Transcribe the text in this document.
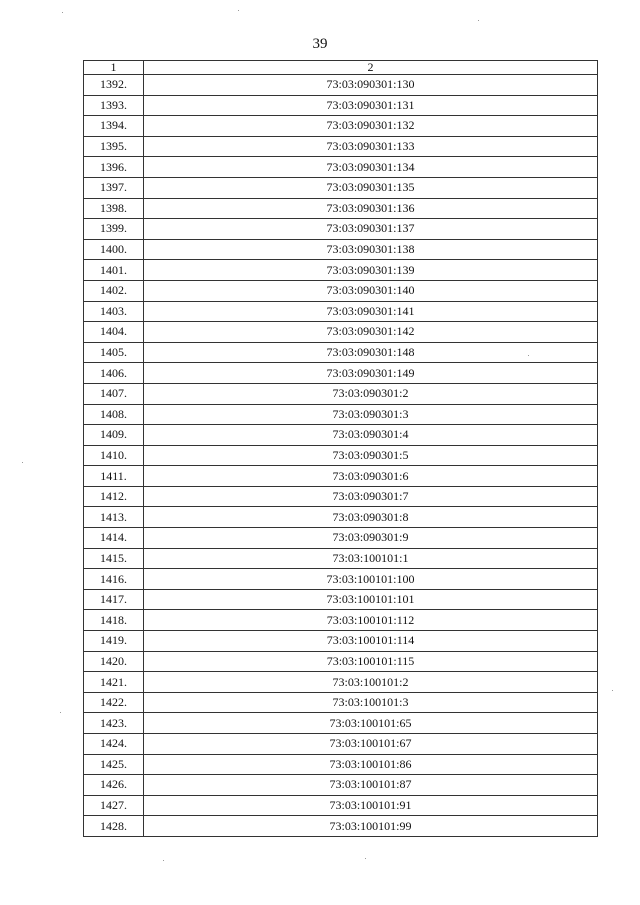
39
1	2
1392.	73:03:090301:130
1393.	73:03:090301:131
1394.	73:03:090301:132
1395.	73:03:090301:133
1396.	73:03:090301:134
1397.	73:03:090301:135
1398.	73:03:090301:136
1399.	73:03:090301:137
1400.	73:03:090301:138
1401.	73:03:090301:139
1402.	73:03:090301:140
1403.	73:03:090301:141
1404.	73:03:090301:142
1405.	73:03:090301:148
1406.	73:03:090301:149
1407.	73:03:090301:2
1408.	73:03:090301:3
1409.	73:03:090301:4
1410.	73:03:090301:5
1411.	73:03:090301:6
1412.	73:03:090301:7
1413.	73:03:090301:8
1414.	73:03:090301:9
1415.	73:03:100101:1
1416.	73:03:100101:100
1417.	73:03:100101:101
1418.	73:03:100101:112
1419.	73:03:100101:114
1420.	73:03:100101:115
1421.	73:03:100101:2
1422.	73:03:100101:3
1423.	73:03:100101:65
1424.	73:03:100101:67
1425.	73:03:100101:86
1426.	73:03:100101:87
1427.	73:03:100101:91
1428.	73:03:100101:99
